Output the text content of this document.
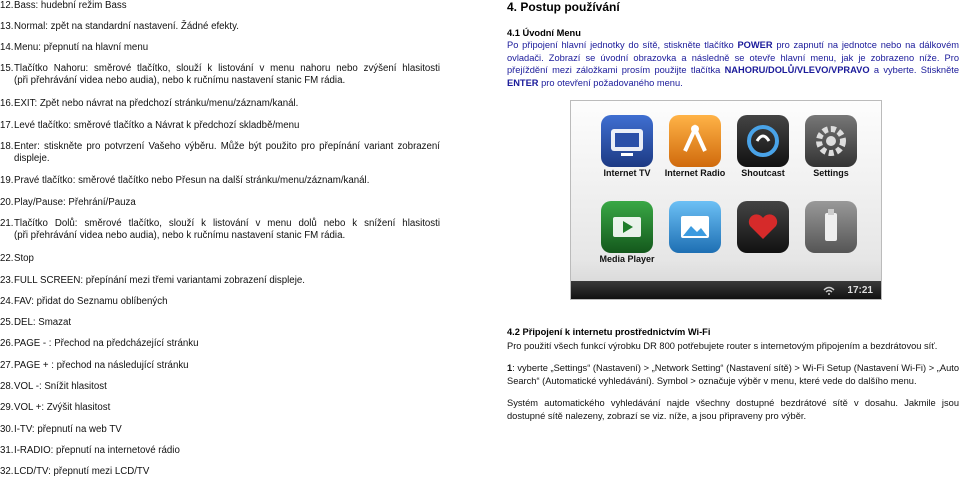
12.Bass: hudební režim Bass
13.Normal: zpět na standardní nastavení. Žádné efekty.
14.Menu: přepnutí na hlavní menu
15.Tlačítko Nahoru: směrové tlačítko, slouží k listování v menu nahoru nebo zvýšení hlasitosti
(při přehrávání videa nebo audia), nebo k ručnímu nastavení stanic FM rádia.
16.EXIT: Zpět nebo návrat na předchozí stránku/menu/záznam/kanál.
17.Levé tlačítko: směrové tlačítko a Návrat k předchozí skladbě/menu
18.Enter: stiskněte pro potvrzení Vašeho výběru. Může být použito pro přepínání variant zobrazení
displeje.
19.Pravé tlačítko: směrové tlačítko nebo Přesun na další stránku/menu/záznam/kanál.
20.Play/Pause: Přehrání/Pauza
21.Tlačítko Dolů: směrové tlačítko, slouží k listování v menu dolů nebo k snížení hlasitosti
(při přehrávání videa nebo audia), nebo k ručnímu nastavení stanic FM rádia.
22.Stop
23.FULL SCREEN: přepínání mezi třemi variantami zobrazení displeje.
24.FAV: přidat do Seznamu oblíbených
25.DEL: Smazat
26.PAGE - : Přechod na předcházející stránku
27.PAGE + : přechod na následující stránku
28.VOL -: Snížit hlasitost
29.VOL +: Zvýšit hlasitost
30.I-TV: přepnutí na web TV
31.I-RADIO: přepnutí na internetové rádio
32.LCD/TV: přepnutí mezi LCD/TV
4. Postup používání
4.1 Úvodní Menu
Po připojení hlavní jednotky do sítě, stiskněte tlačítko POWER pro zapnutí na jednotce nebo na dálkovém ovladači. Zobrazí se úvodní obrazovka a následně se otevře hlavní menu, jak je zobrazeno níže. Pro přejíždění mezi záložkami prosím použijte tlačítka NAHORU/DOLŮ/VLEVO/VPRAVO a vyberte. Stiskněte ENTER pro otevření požadovaného menu.
Internet TV	Internet Radio	Shoutcast	Settings
Media Player
17:21
4.2 Připojení k internetu prostřednictvím Wi-Fi
Pro použití všech funkcí výrobku DR 800 potřebujete router s internetovým připojením a bezdrátovou síť.
1: vyberte „Settings“ (Nastavení) > „Network Setting“ (Nastavení sítě) > Wi-Fi Setup (Nastavení Wi-Fi) > „Auto Search“ (Automatické vyhledávání). Symbol > označuje výběr v menu, které vede do dalšího menu.
Systém automatického vyhledávání najde všechny dostupné bezdrátové sítě v dosahu. Jakmile jsou dostupné sítě nalezeny, zobrazí se viz. níže, a jsou připraveny pro výběr.
